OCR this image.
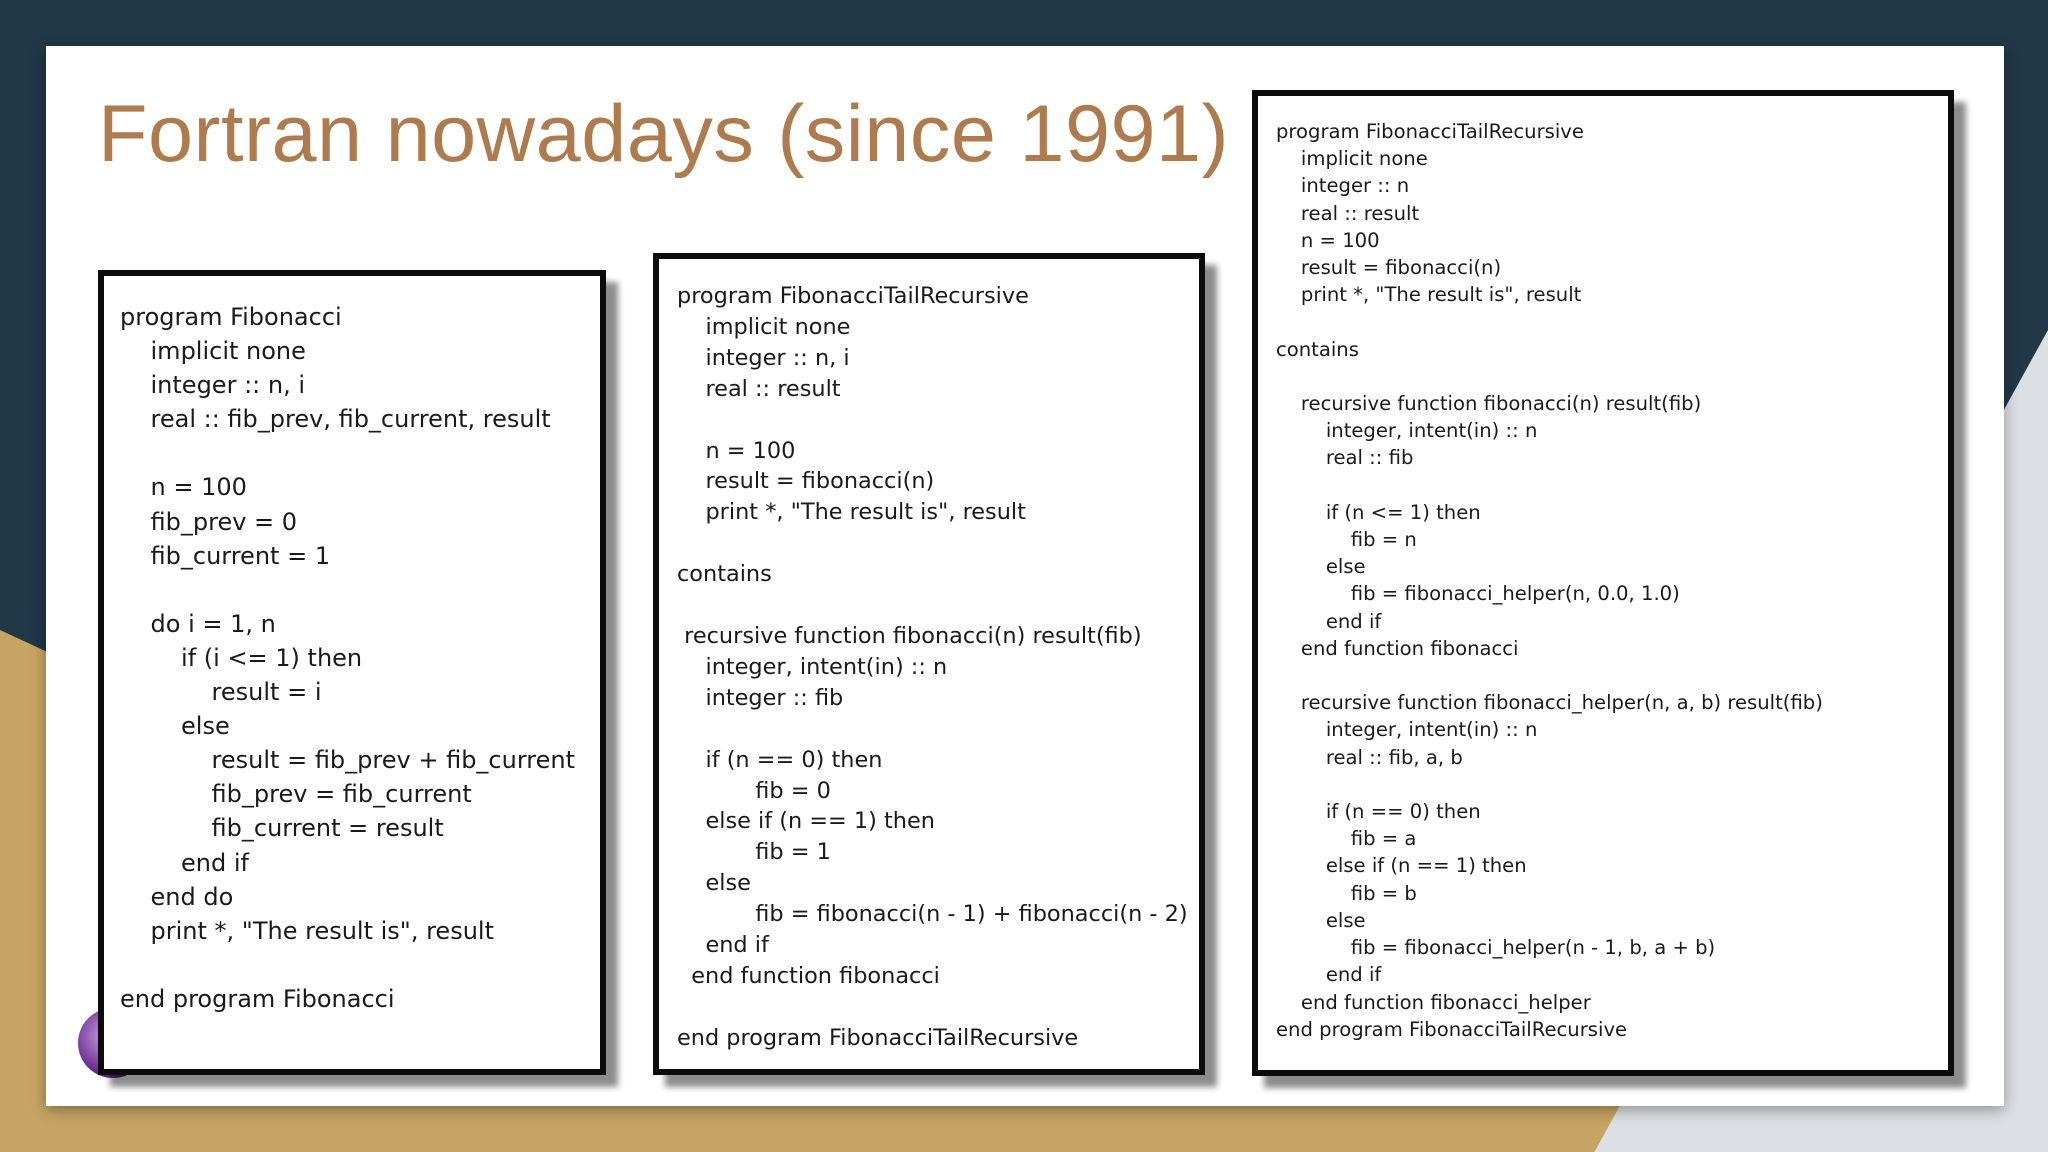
Fortran nowadays (since 1991)
program Fibonacci
implicit none
integer :: n, i
real :: fib_prev, fib_current, result

n = 100
fib_prev = 0
fib_current = 1

do i = 1, n
if (i <= 1) then
result = i
else
result = fib_prev + fib_current
fib_prev = fib_current
fib_current = result
end if
end do
print *, "The result is", result

end program Fibonacci
program FibonacciTailRecursive
implicit none
integer :: n, i
real :: result

n = 100
result = fibonacci(n)
print *, "The result is", result

contains

recursive function fibonacci(n) result(fib)
integer, intent(in) :: n
integer :: fib

if (n == 0) then
fib = 0
else if (n == 1) then
fib = 1
else
fib = fibonacci(n - 1) + fibonacci(n - 2)
end if
end function fibonacci

end program FibonacciTailRecursive
program FibonacciTailRecursive
implicit none
integer :: n
real :: result
n = 100
result = fibonacci(n)
print *, "The result is", result

contains

recursive function fibonacci(n) result(fib)
integer, intent(in) :: n
real :: fib

if (n <= 1) then
fib = n
else
fib = fibonacci_helper(n, 0.0, 1.0)
end if
end function fibonacci

recursive function fibonacci_helper(n, a, b) result(fib)
integer, intent(in) :: n
real :: fib, a, b

if (n == 0) then
fib = a
else if (n == 1) then
fib = b
else
fib = fibonacci_helper(n - 1, b, a + b)
end if
end function fibonacci_helper
end program FibonacciTailRecursive
